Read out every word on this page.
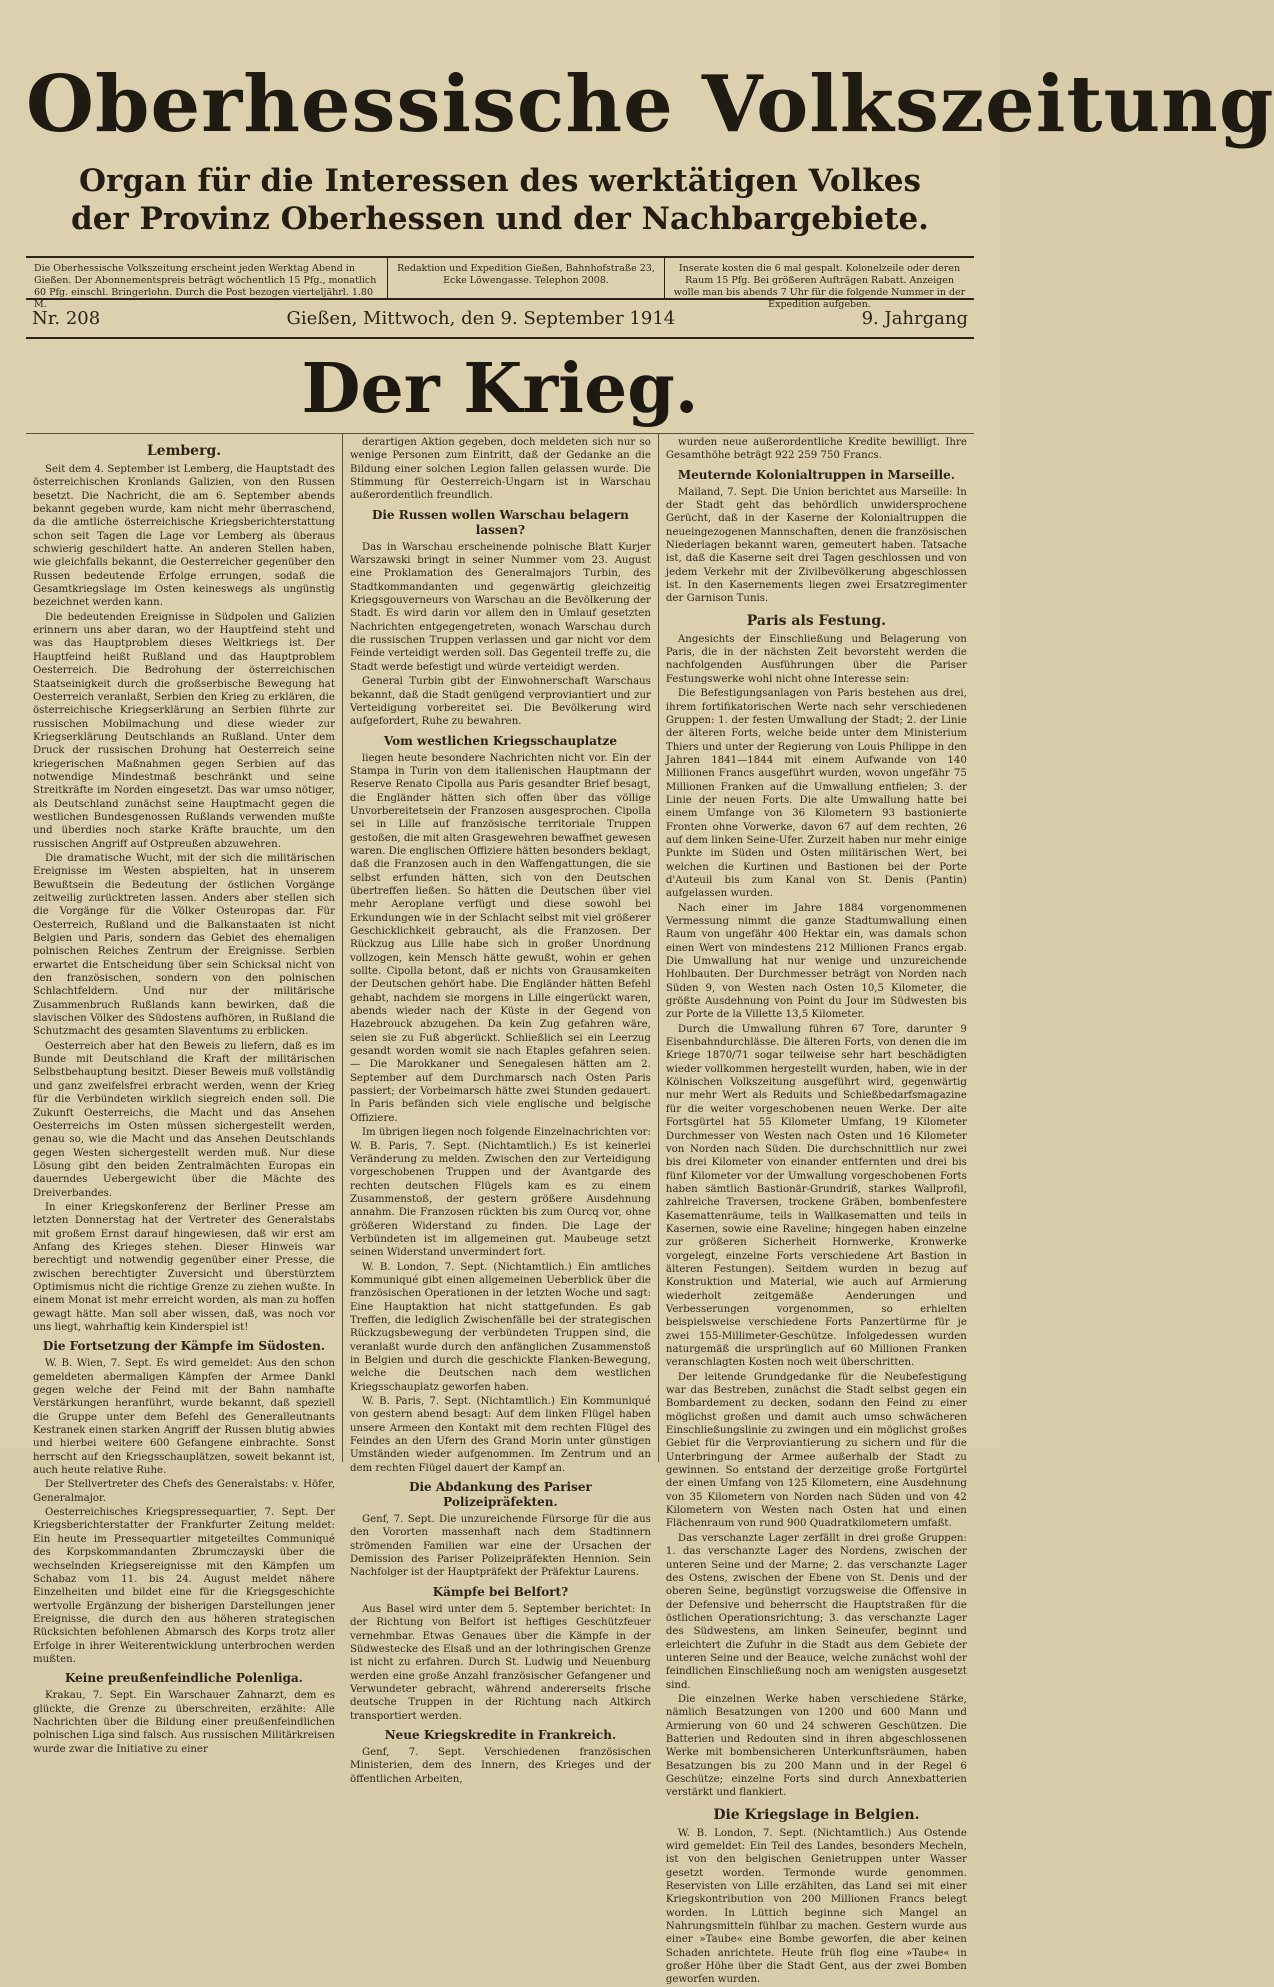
Oberhessische Volkszeitung
Organ für die Interessen des werktätigen Volkes
der Provinz Oberhessen und der Nachbargebiete.
Die Oberhessische Volkszeitung erscheint jeden Werktag Abend in Gießen. Der Abonnementspreis beträgt wöchentlich 15 Pfg., monatlich 60 Pfg. einschl. Bringerlohn. Durch die Post bezogen vierteljährl. 1.80 M.
Redaktion und Expedition Gießen, Bahnhofstraße 23, Ecke Löwengasse. Telephon 2008.
Inserate kosten die 6 mal gespalt. Kolonelzeile oder deren Raum 15 Pfg. Bei größeren Aufträgen Rabatt. Anzeigen wolle man bis abends 7 Uhr für die folgende Nummer in der Expedition aufgeben.
Nr. 208	Gießen, Mittwoch, den 9. September 1914	9. Jahrgang
Der Krieg.
Lemberg.

Seit dem 4. September ist Lemberg, die Hauptstadt des österreichischen Kronlands Galizien, von den Russen besetzt. Die Nachricht, die am 6. September abends bekannt gegeben wurde, kam nicht mehr überraschend, da die amtliche österreichische Kriegsberichterstattung schon seit Tagen die Lage vor Lemberg als überaus schwierig geschildert hatte. An anderen Stellen haben, wie gleichfalls bekannt, die Oesterreicher gegenüber den Russen bedeutende Erfolge errungen, sodaß die Gesamtkriegslage im Osten keineswegs als ungünstig bezeichnet werden kann.

Die bedeutenden Ereignisse in Südpolen und Galizien erinnern uns aber daran, wo der Hauptfeind steht und was das Hauptproblem dieses Weltkriegs ist. Der Hauptfeind heißt Rußland und das Hauptproblem Oesterreich. Die Bedrohung der österreichischen Staatseinigkeit durch die großserbische Bewegung hat Oesterreich veranlaßt, Serbien den Krieg zu erklären, die österreichische Kriegserklärung an Serbien führte zur russischen Mobilmachung und diese wieder zur Kriegserklärung Deutschlands an Rußland. Unter dem Druck der russischen Drohung hat Oesterreich seine kriegerischen Maßnahmen gegen Serbien auf das notwendige Mindestmaß beschränkt und seine Streitkräfte im Norden eingesetzt. Das war umso nötiger, als Deutschland zunächst seine Hauptmacht gegen die westlichen Bundesgenossen Rußlands verwenden mußte und überdies noch starke Kräfte brauchte, um den russischen Angriff auf Ostpreußen abzuwehren.

Die dramatische Wucht, mit der sich die militärischen Ereignisse im Westen abspielten, hat in unserem Bewußtsein die Bedeutung der östlichen Vorgänge zeitweilig zurücktreten lassen. Anders aber stellen sich die Vorgänge für die Völker Osteuropas dar. Für Oesterreich, Rußland und die Balkanstaaten ist nicht Belgien und Paris, sondern das Gebiet des ehemaligen polnischen Reiches Zentrum der Ereignisse. Serbien erwartet die Entscheidung über sein Schicksal nicht von den französischen, sondern von den polnischen Schlachtfeldern. Und nur der militärische Zusammenbruch Rußlands kann bewirken, daß die slavischen Völker des Südostens aufhören, in Rußland die Schutzmacht des gesamten Slaventums zu erblicken.

Oesterreich aber hat den Beweis zu liefern, daß es im Bunde mit Deutschland die Kraft der militärischen Selbstbehauptung besitzt. Dieser Beweis muß vollständig und ganz zweifelsfrei erbracht werden, wenn der Krieg für die Verbündeten wirklich siegreich enden soll. Die Zukunft Oesterreichs, die Macht und das Ansehen Oesterreichs im Osten müssen sichergestellt werden, genau so, wie die Macht und das Ansehen Deutschlands gegen Westen sichergestellt werden muß. Nur diese Lösung gibt den beiden Zentralmächten Europas ein dauerndes Uebergewicht über die Mächte des Dreiverbandes.

In einer Kriegskonferenz der Berliner Presse am letzten Donnerstag hat der Vertreter des Generalstabs mit großem Ernst darauf hingewiesen, daß wir erst am Anfang des Krieges stehen. Dieser Hinweis war berechtigt und notwendig gegenüber einer Presse, die zwischen berechtigter Zuversicht und überstürztem Optimismus nicht die richtige Grenze zu ziehen wußte. In einem Monat ist mehr erreicht worden, als man zu hoffen gewagt hätte. Man soll aber wissen, daß, was noch vor uns liegt, wahrhaftig kein Kinderspiel ist!

Die Fortsetzung der Kämpfe im Südosten.

W. B. Wien, 7. Sept. Es wird gemeldet: Aus den schon gemeldeten abermaligen Kämpfen der Armee Dankl gegen welche der Feind mit der Bahn namhafte Verstärkungen heranführt, wurde bekannt, daß speziell die Gruppe unter dem Befehl des Generalleutnants Kestranek einen starken Angriff der Russen blutig abwies und hierbei weitere 600 Gefangene einbrachte. Sonst herrscht auf den Kriegsschauplätzen, soweit bekannt ist, auch heute relative Ruhe.

Der Stellvertreter des Chefs des Generalstabs: v. Höfer, Generalmajor.

Oesterreichisches Kriegspressequartier, 7. Sept. Der Kriegsberichterstatter der Frankfurter Zeitung meldet: Ein heute im Pressequartier mitgeteiltes Communiqué des Korpskommandanten Zbrumczayski über die wechselnden Kriegsereignisse mit den Kämpfen um Schabaz vom 11. bis 24. August meldet nähere Einzelheiten und bildet eine für die Kriegsgeschichte wertvolle Ergänzung der bisherigen Darstellungen jener Ereignisse, die durch den aus höheren strategischen Rücksichten befohlenen Abmarsch des Korps trotz aller Erfolge in ihrer Weiterentwicklung unterbrochen werden mußten.

Keine preußenfeindliche Polenliga.

Krakau, 7. Sept. Ein Warschauer Zahnarzt, dem es glückte, die Grenze zu überschreiten, erzählte: Alle Nachrichten über die Bildung einer preußenfeindlichen polnischen Liga sind falsch. Aus russischen Militärkreisen wurde zwar die Initiative zu einer

derartigen Aktion gegeben, doch meldeten sich nur so wenige Personen zum Eintritt, daß der Gedanke an die Bildung einer solchen Legion fallen gelassen wurde. Die Stimmung für Oesterreich-Ungarn ist in Warschau außerordentlich freundlich.

Die Russen wollen Warschau belagern lassen?

Das in Warschau erscheinende polnische Blatt Kurjer Warszawski bringt in seiner Nummer vom 23. August eine Proklamation des Generalmajors Turbin, des Stadtkommandanten und gegenwärtig gleichzeitig Kriegsgouverneurs von Warschau an die Bevölkerung der Stadt. Es wird darin vor allem den in Umlauf gesetzten Nachrichten entgegengetreten, wonach Warschau durch die russischen Truppen verlassen und gar nicht vor dem Feinde verteidigt werden soll. Das Gegenteil treffe zu, die Stadt werde befestigt und würde verteidigt werden.

General Turbin gibt der Einwohnerschaft Warschaus bekannt, daß die Stadt genügend verproviantiert und zur Verteidigung vorbereitet sei. Die Bevölkerung wird aufgefordert, Ruhe zu bewahren.

Vom westlichen Kriegsschauplatze

liegen heute besondere Nachrichten nicht vor. Ein der Stampa in Turin von dem italienischen Hauptmann der Reserve Renato Cipolla aus Paris gesandter Brief besagt, die Engländer hätten sich offen über das völlige Unvorbereitetsein der Franzosen ausgesprochen. Cipolla sei in Lille auf französische territoriale Truppen gestoßen, die mit alten Grasgewehren bewaffnet gewesen waren. Die englischen Offiziere hätten besonders beklagt, daß die Franzosen auch in den Waffengattungen, die sie selbst erfunden hätten, sich von den Deutschen übertreffen ließen. So hätten die Deutschen über viel mehr Aeroplane verfügt und diese sowohl bei Erkundungen wie in der Schlacht selbst mit viel größerer Geschicklichkeit gebraucht, als die Franzosen. Der Rückzug aus Lille habe sich in großer Unordnung vollzogen, kein Mensch hätte gewußt, wohin er gehen sollte. Cipolla betont, daß er nichts von Grausamkeiten der Deutschen gehört habe. Die Engländer hätten Befehl gehabt, nachdem sie morgens in Lille eingerückt waren, abends wieder nach der Küste in der Gegend von Hazebrouck abzugehen. Da kein Zug gefahren wäre, seien sie zu Fuß abgerückt. Schließlich sei ein Leerzug gesandt worden womit sie nach Etaples gefahren seien. — Die Marokkaner und Senegalesen hätten am 2. September auf dem Durchmarsch nach Osten Paris passiert; der Vorbeimarsch hätte zwei Stunden gedauert. In Paris befänden sich viele englische und belgische Offiziere.

Im übrigen liegen noch folgende Einzelnachrichten vor: W. B. Paris, 7. Sept. (Nichtamtlich.) Es ist keinerlei Veränderung zu melden. Zwischen den zur Verteidigung vorgeschobenen Truppen und der Avantgarde des rechten deutschen Flügels kam es zu einem Zusammenstoß, der gestern größere Ausdehnung annahm. Die Franzosen rückten bis zum Ourcq vor, ohne größeren Widerstand zu finden. Die Lage der Verbündeten ist im allgemeinen gut. Maubeuge setzt seinen Widerstand unvermindert fort.

W. B. London, 7. Sept. (Nichtamtlich.) Ein amtliches Kommuniqué gibt einen allgemeinen Ueberblick über die französischen Operationen in der letzten Woche und sagt: Eine Hauptaktion hat nicht stattgefunden. Es gab Treffen, die lediglich Zwischenfälle bei der strategischen Rückzugsbewegung der verbündeten Truppen sind, die veranlaßt wurde durch den anfänglichen Zusammenstoß in Belgien und durch die geschickte Flanken-Bewegung, welche die Deutschen nach dem westlichen Kriegsschauplatz geworfen haben.

W. B. Paris, 7. Sept. (Nichtamtlich.) Ein Kommuniqué von gestern abend besagt: Auf dem linken Flügel haben unsere Armeen den Kontakt mit dem rechten Flügel des Feindes an den Ufern des Grand Morin unter günstigen Umständen wieder aufgenommen. Im Zentrum und an dem rechten Flügel dauert der Kampf an.

Die Abdankung des Pariser Polizeipräfekten.

Genf, 7. Sept. Die unzureichende Fürsorge für die aus den Vororten massenhaft nach dem Stadtinnern strömenden Familien war eine der Ursachen der Demission des Pariser Polizeipräfekten Hennion. Sein Nachfolger ist der Hauptpräfekt der Präfektur Laurens.

Kämpfe bei Belfort?

Aus Basel wird unter dem 5. September berichtet: In der Richtung von Belfort ist heftiges Geschützfeuer vernehmbar. Etwas Genaues über die Kämpfe in der Südwestecke des Elsaß und an der lothringischen Grenze ist nicht zu erfahren. Durch St. Ludwig und Neuenburg werden eine große Anzahl französischer Gefangener und Verwundeter gebracht, während andererseits frische deutsche Truppen in der Richtung nach Altkirch transportiert werden.

Neue Kriegskredite in Frankreich.

Genf, 7. Sept. Verschiedenen französischen Ministerien, dem des Innern, des Krieges und der öffentlichen Arbeiten,

wurden neue außerordentliche Kredite bewilligt. Ihre Gesamthöhe beträgt 922 259 750 Francs.

Meuternde Kolonialtruppen in Marseille.

Mailand, 7. Sept. Die Union berichtet aus Marseille: In der Stadt geht das behördlich unwidersprochene Gerücht, daß in der Kaserne der Kolonialtruppen die neueingezogenen Mannschaften, denen die französischen Niederlagen bekannt waren, gemeutert haben. Tatsache ist, daß die Kaserne seit drei Tagen geschlossen und von jedem Verkehr mit der Zivilbevölkerung abgeschlossen ist. In den Kasernements liegen zwei Ersatzregimenter der Garnison Tunis.

Paris als Festung.

Angesichts der Einschließung und Belagerung von Paris, die in der nächsten Zeit bevorsteht werden die nachfolgenden Ausführungen über die Pariser Festungswerke wohl nicht ohne Interesse sein:

Die Befestigungsanlagen von Paris bestehen aus drei, ihrem fortifikatorischen Werte nach sehr verschiedenen Gruppen: 1. der festen Umwallung der Stadt; 2. der Linie der älteren Forts, welche beide unter dem Ministerium Thiers und unter der Regierung von Louis Philippe in den Jahren 1841—1844 mit einem Aufwande von 140 Millionen Francs ausgeführt wurden, wovon ungefähr 75 Millionen Franken auf die Umwallung entfielen; 3. der Linie der neuen Forts. Die alte Umwallung hatte bei einem Umfange von 36 Kilometern 93 bastionierte Fronten ohne Vorwerke, davon 67 auf dem rechten, 26 auf dem linken Seine-Ufer. Zurzeit haben nur mehr einige Punkte im Süden und Osten militärischen Wert, bei welchen die Kurtinen und Bastionen bei der Porte d'Auteuil bis zum Kanal von St. Denis (Pantin) aufgelassen wurden.

Nach einer im Jahre 1884 vorgenommenen Vermessung nimmt die ganze Stadtumwallung einen Raum von ungefähr 400 Hektar ein, was damals schon einen Wert von mindestens 212 Millionen Francs ergab. Die Umwallung hat nur wenige und unzureichende Hohlbauten. Der Durchmesser beträgt von Norden nach Süden 9, von Westen nach Osten 10,5 Kilometer, die größte Ausdehnung von Point du Jour im Südwesten bis zur Porte de la Villette 13,5 Kilometer.

Durch die Umwallung führen 67 Tore, darunter 9 Eisenbahndurchlässe. Die älteren Forts, von denen die im Kriege 1870/71 sogar teilweise sehr hart beschädigten wieder vollkommen hergestellt wurden, haben, wie in der Kölnischen Volkszeitung ausgeführt wird, gegenwärtig nur mehr Wert als Reduits und Schießbedarfsmagazine für die weiter vorgeschobenen neuen Werke. Der alte Fortsgürtel hat 55 Kilometer Umfang, 19 Kilometer Durchmesser von Westen nach Osten und 16 Kilometer von Norden nach Süden. Die durchschnittlich nur zwei bis drei Kilometer von einander entfernten und drei bis fünf Kilometer vor der Umwallung vorgeschobenen Forts haben sämtlich Bastionär-Grundriß, starkes Wallprofil, zahlreiche Traversen, trockene Gräben, bombenfestere Kasemattenräume, teils in Wallkasematten und teils in Kasernen, sowie eine Raveline; hingegen haben einzelne zur größeren Sicherheit Hornwerke, Kronwerke vorgelegt, einzelne Forts verschiedene Art Bastion in älteren Festungen). Seitdem wurden in bezug auf Konstruktion und Material, wie auch auf Armierung wiederholt zeitgemäße Aenderungen und Verbesserungen vorgenommen, so erhielten beispielsweise verschiedene Forts Panzertürme für je zwei 155-Millimeter-Geschütze. Infolgedessen wurden naturgemäß die ursprünglich auf 60 Millionen Franken veranschlagten Kosten noch weit überschritten.

Der leitende Grundgedanke für die Neubefestigung war das Bestreben, zunächst die Stadt selbst gegen ein Bombardement zu decken, sodann den Feind zu einer möglichst großen und damit auch umso schwächeren Einschließungslinie zu zwingen und ein möglichst großes Gebiet für die Verproviantierung zu sichern und für die Unterbringung der Armee außerhalb der Stadt zu gewinnen. So entstand der derzeitige große Fortgürtel der einen Umfang von 125 Kilometern, eine Ausdehnung von 35 Kilometern von Norden nach Süden und von 42 Kilometern von Westen nach Osten hat und einen Flächenraum von rund 900 Quadratkilometern umfaßt.

Das verschanzte Lager zerfällt in drei große Gruppen: 1. das verschanzte Lager des Nordens, zwischen der unteren Seine und der Marne; 2. das verschanzte Lager des Ostens, zwischen der Ebene von St. Denis und der oberen Seine, begünstigt vorzugsweise die Offensive in der Defensive und beherrscht die Hauptstraßen für die östlichen Operationsrichtung; 3. das verschanzte Lager des Südwestens, am linken Seineufer, beginnt und erleichtert die Zufuhr in die Stadt aus dem Gebiete der unteren Seine und der Beauce, welche zunächst wohl der feindlichen Einschließung noch am wenigsten ausgesetzt sind.

Die einzelnen Werke haben verschiedene Stärke, nämlich Besatzungen von 1200 und 600 Mann und Armierung von 60 und 24 schweren Geschützen. Die Batterien und Redouten sind in ihren abgeschlossenen Werke mit bombensicheren Unterkunftsräumen, haben Besatzungen bis zu 200 Mann und in der Regel 6 Geschütze; einzelne Forts sind durch Annexbatterien verstärkt und flankiert.

Die Kriegslage in Belgien.

W. B. London, 7. Sept. (Nichtamtlich.) Aus Ostende wird gemeldet: Ein Teil des Landes, besonders Mecheln, ist von den belgischen Genietruppen unter Wasser gesetzt worden. Termonde wurde genommen. Reservisten von Lille erzählten, das Land sei mit einer Kriegskontribution von 200 Millionen Francs belegt worden. In Lüttich beginne sich Mangel an Nahrungsmitteln fühlbar zu machen. Gestern wurde aus einer »Taube« eine Bombe geworfen, die aber keinen Schaden anrichtete. Heute früh flog eine »Taube« in großer Höhe über die Stadt Gent, aus der zwei Bomben geworfen wurden.
